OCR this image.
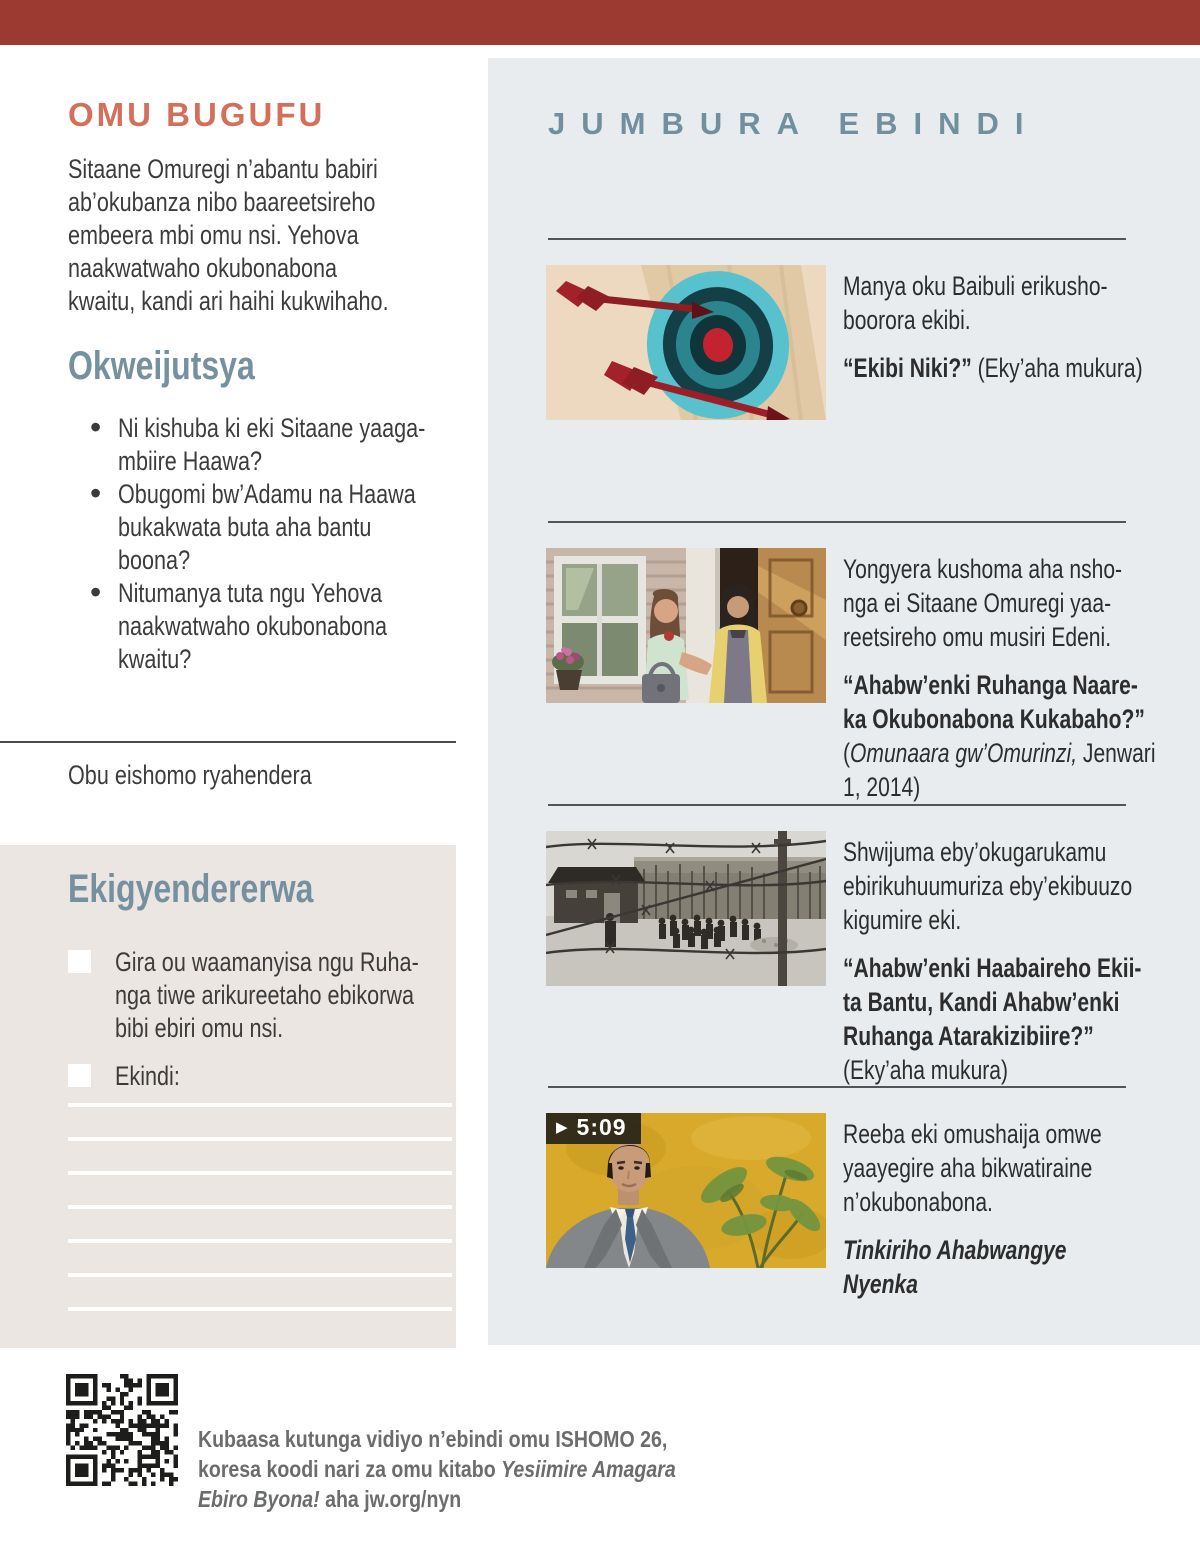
OMU BUGUFU
Sitaane Omuregi n’abantu babiri
ab’okubanza nibo baareetsireho
embeera mbi omu nsi. Yehova
naakwatwaho okubonabona
kwaitu, kandi ari haihi kukwihaho.
Okweijutsya
• Ni kishuba ki eki Sitaane yaaga-
mbiire Haawa?
• Obugomi bw’Adamu na Haawa
bukakwata buta aha bantu
boona?
• Nitumanya tuta ngu Yehova
naakwatwaho okubonabona
kwaitu?
Obu eishomo ryahendera
Ekigyendererwa
Gira ou waamanyisa ngu Ruha-
nga tiwe arikureetaho ebikorwa
bibi ebiri omu nsi.
Ekindi:
JUMBURA EBINDI
Manya oku Baibuli erikusho-
boorora ekibi.
“Ekibi Niki?” (Eky’aha mukura)
Yongyera kushoma aha nsho-
nga ei Sitaane Omuregi yaa-
reetsireho omu musiri Edeni.
“Ahabw’enki Ruhanga Naare-
ka Okubonabona Kukabaho?”
(Omunaara gw’Omurinzi, Jenwari
1, 2014)
Shwijuma eby’okugarukamu
ebirikuhuumuriza eby’ekibuuzo
kigumire eki.
“Ahabw’enki Haabaireho Ekii-
ta Bantu, Kandi Ahabw’enki
Ruhanga Atarakizibiire?”
(Eky’aha mukura)
▶ 5:09	Reeba eki omushaija omwe
yaayegire aha bikwatiraine
n’okubonabona.
Tinkiriho Ahabwangye
Nyenka
Kubaasa kutunga vidiyo n’ebindi omu ISHOMO 26,
koresa koodi nari za omu kitabo Yesiimire Amagara
Ebiro Byona! aha jw.org/nyn
